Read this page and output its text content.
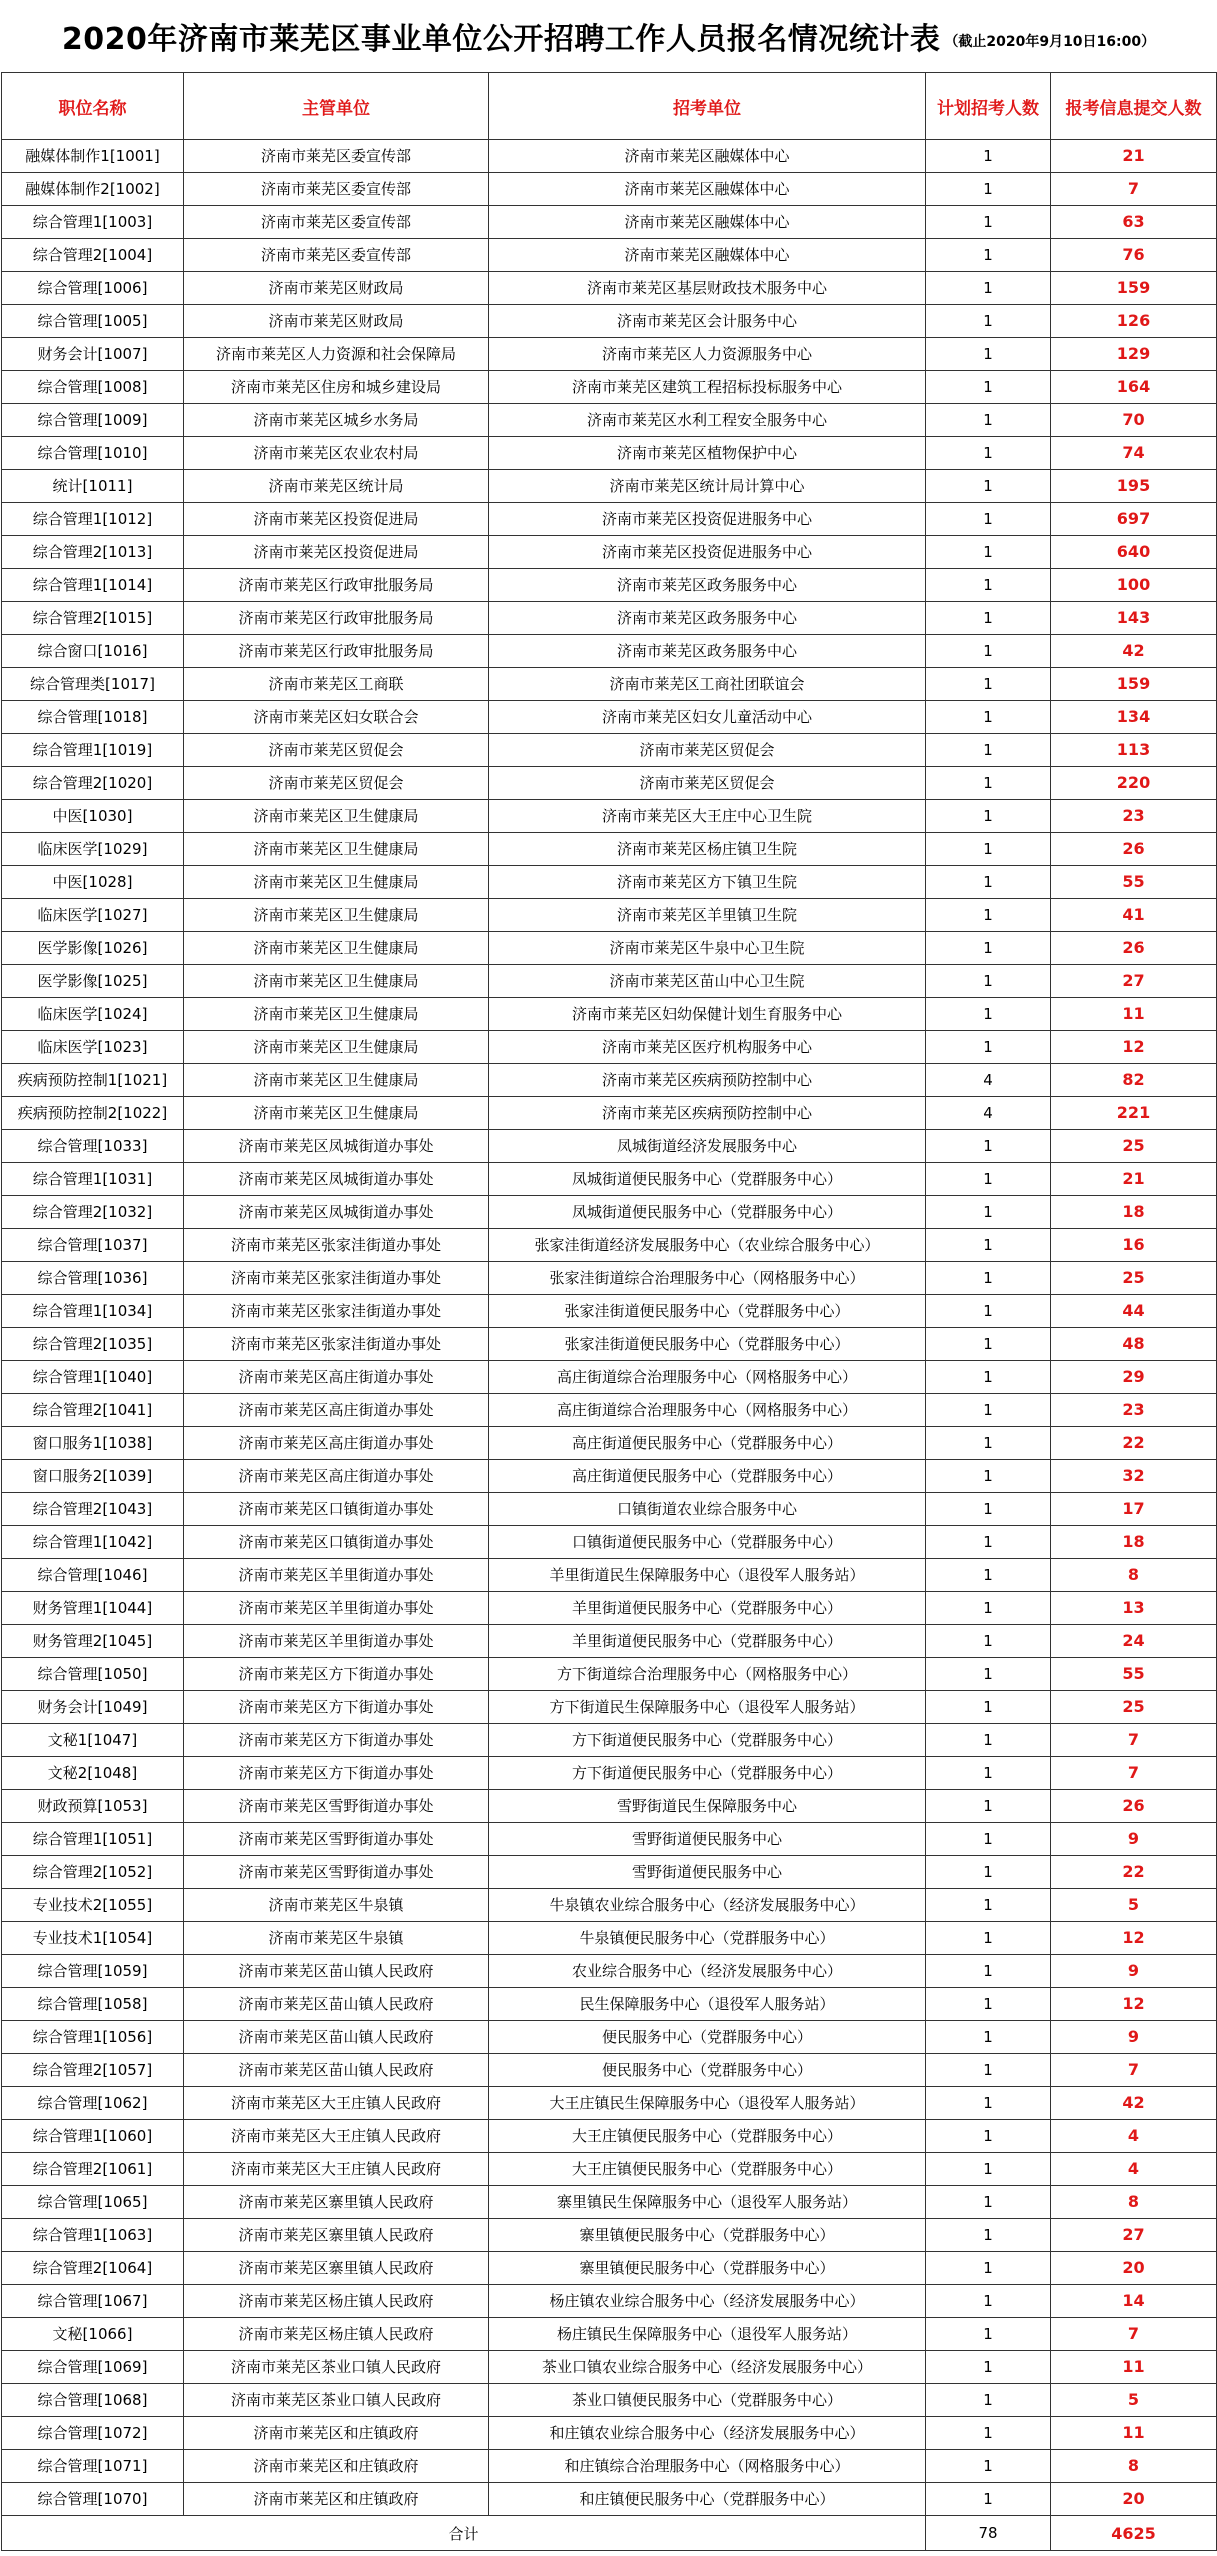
2020年济南市莱芜区事业单位公开招聘工作人员报名情况统计表 （截止2020年9月10日16:00）
职位名称	主管单位	招考单位	计划招考人数	报考信息提交人数
融媒体制作1[1001]	济南市莱芜区委宣传部	济南市莱芜区融媒体中心	1	21
融媒体制作2[1002]	济南市莱芜区委宣传部	济南市莱芜区融媒体中心	1	7
综合管理1[1003]	济南市莱芜区委宣传部	济南市莱芜区融媒体中心	1	63
综合管理2[1004]	济南市莱芜区委宣传部	济南市莱芜区融媒体中心	1	76
综合管理[1006]	济南市莱芜区财政局	济南市莱芜区基层财政技术服务中心	1	159
综合管理[1005]	济南市莱芜区财政局	济南市莱芜区会计服务中心	1	126
财务会计[1007]	济南市莱芜区人力资源和社会保障局	济南市莱芜区人力资源服务中心	1	129
综合管理[1008]	济南市莱芜区住房和城乡建设局	济南市莱芜区建筑工程招标投标服务中心	1	164
综合管理[1009]	济南市莱芜区城乡水务局	济南市莱芜区水利工程安全服务中心	1	70
综合管理[1010]	济南市莱芜区农业农村局	济南市莱芜区植物保护中心	1	74
统计[1011]	济南市莱芜区统计局	济南市莱芜区统计局计算中心	1	195
综合管理1[1012]	济南市莱芜区投资促进局	济南市莱芜区投资促进服务中心	1	697
综合管理2[1013]	济南市莱芜区投资促进局	济南市莱芜区投资促进服务中心	1	640
综合管理1[1014]	济南市莱芜区行政审批服务局	济南市莱芜区政务服务中心	1	100
综合管理2[1015]	济南市莱芜区行政审批服务局	济南市莱芜区政务服务中心	1	143
综合窗口[1016]	济南市莱芜区行政审批服务局	济南市莱芜区政务服务中心	1	42
综合管理类[1017]	济南市莱芜区工商联	济南市莱芜区工商社团联谊会	1	159
综合管理[1018]	济南市莱芜区妇女联合会	济南市莱芜区妇女儿童活动中心	1	134
综合管理1[1019]	济南市莱芜区贸促会	济南市莱芜区贸促会	1	113
综合管理2[1020]	济南市莱芜区贸促会	济南市莱芜区贸促会	1	220
中医[1030]	济南市莱芜区卫生健康局	济南市莱芜区大王庄中心卫生院	1	23
临床医学[1029]	济南市莱芜区卫生健康局	济南市莱芜区杨庄镇卫生院	1	26
中医[1028]	济南市莱芜区卫生健康局	济南市莱芜区方下镇卫生院	1	55
临床医学[1027]	济南市莱芜区卫生健康局	济南市莱芜区羊里镇卫生院	1	41
医学影像[1026]	济南市莱芜区卫生健康局	济南市莱芜区牛泉中心卫生院	1	26
医学影像[1025]	济南市莱芜区卫生健康局	济南市莱芜区苗山中心卫生院	1	27
临床医学[1024]	济南市莱芜区卫生健康局	济南市莱芜区妇幼保健计划生育服务中心	1	11
临床医学[1023]	济南市莱芜区卫生健康局	济南市莱芜区医疗机构服务中心	1	12
疾病预防控制1[1021]	济南市莱芜区卫生健康局	济南市莱芜区疾病预防控制中心	4	82
疾病预防控制2[1022]	济南市莱芜区卫生健康局	济南市莱芜区疾病预防控制中心	4	221
综合管理[1033]	济南市莱芜区凤城街道办事处	凤城街道经济发展服务中心	1	25
综合管理1[1031]	济南市莱芜区凤城街道办事处	凤城街道便民服务中心（党群服务中心）	1	21
综合管理2[1032]	济南市莱芜区凤城街道办事处	凤城街道便民服务中心（党群服务中心）	1	18
综合管理[1037]	济南市莱芜区张家洼街道办事处	张家洼街道经济发展服务中心（农业综合服务中心）	1	16
综合管理[1036]	济南市莱芜区张家洼街道办事处	张家洼街道综合治理服务中心（网格服务中心）	1	25
综合管理1[1034]	济南市莱芜区张家洼街道办事处	张家洼街道便民服务中心（党群服务中心）	1	44
综合管理2[1035]	济南市莱芜区张家洼街道办事处	张家洼街道便民服务中心（党群服务中心）	1	48
综合管理1[1040]	济南市莱芜区高庄街道办事处	高庄街道综合治理服务中心（网格服务中心）	1	29
综合管理2[1041]	济南市莱芜区高庄街道办事处	高庄街道综合治理服务中心（网格服务中心）	1	23
窗口服务1[1038]	济南市莱芜区高庄街道办事处	高庄街道便民服务中心（党群服务中心）	1	22
窗口服务2[1039]	济南市莱芜区高庄街道办事处	高庄街道便民服务中心（党群服务中心）	1	32
综合管理2[1043]	济南市莱芜区口镇街道办事处	口镇街道农业综合服务中心	1	17
综合管理1[1042]	济南市莱芜区口镇街道办事处	口镇街道便民服务中心（党群服务中心）	1	18
综合管理[1046]	济南市莱芜区羊里街道办事处	羊里街道民生保障服务中心（退役军人服务站）	1	8
财务管理1[1044]	济南市莱芜区羊里街道办事处	羊里街道便民服务中心（党群服务中心）	1	13
财务管理2[1045]	济南市莱芜区羊里街道办事处	羊里街道便民服务中心（党群服务中心）	1	24
综合管理[1050]	济南市莱芜区方下街道办事处	方下街道综合治理服务中心（网格服务中心）	1	55
财务会计[1049]	济南市莱芜区方下街道办事处	方下街道民生保障服务中心（退役军人服务站）	1	25
文秘1[1047]	济南市莱芜区方下街道办事处	方下街道便民服务中心（党群服务中心）	1	7
文秘2[1048]	济南市莱芜区方下街道办事处	方下街道便民服务中心（党群服务中心）	1	7
财政预算[1053]	济南市莱芜区雪野街道办事处	雪野街道民生保障服务中心	1	26
综合管理1[1051]	济南市莱芜区雪野街道办事处	雪野街道便民服务中心	1	9
综合管理2[1052]	济南市莱芜区雪野街道办事处	雪野街道便民服务中心	1	22
专业技术2[1055]	济南市莱芜区牛泉镇	牛泉镇农业综合服务中心（经济发展服务中心）	1	5
专业技术1[1054]	济南市莱芜区牛泉镇	牛泉镇便民服务中心（党群服务中心）	1	12
综合管理[1059]	济南市莱芜区苗山镇人民政府	农业综合服务中心（经济发展服务中心）	1	9
综合管理[1058]	济南市莱芜区苗山镇人民政府	民生保障服务中心（退役军人服务站）	1	12
综合管理1[1056]	济南市莱芜区苗山镇人民政府	便民服务中心（党群服务中心）	1	9
综合管理2[1057]	济南市莱芜区苗山镇人民政府	便民服务中心（党群服务中心）	1	7
综合管理[1062]	济南市莱芜区大王庄镇人民政府	大王庄镇民生保障服务中心（退役军人服务站）	1	42
综合管理1[1060]	济南市莱芜区大王庄镇人民政府	大王庄镇便民服务中心（党群服务中心）	1	4
综合管理2[1061]	济南市莱芜区大王庄镇人民政府	大王庄镇便民服务中心（党群服务中心）	1	4
综合管理[1065]	济南市莱芜区寨里镇人民政府	寨里镇民生保障服务中心（退役军人服务站）	1	8
综合管理1[1063]	济南市莱芜区寨里镇人民政府	寨里镇便民服务中心（党群服务中心）	1	27
综合管理2[1064]	济南市莱芜区寨里镇人民政府	寨里镇便民服务中心（党群服务中心）	1	20
综合管理[1067]	济南市莱芜区杨庄镇人民政府	杨庄镇农业综合服务中心（经济发展服务中心）	1	14
文秘[1066]	济南市莱芜区杨庄镇人民政府	杨庄镇民生保障服务中心（退役军人服务站）	1	7
综合管理[1069]	济南市莱芜区茶业口镇人民政府	茶业口镇农业综合服务中心（经济发展服务中心）	1	11
综合管理[1068]	济南市莱芜区茶业口镇人民政府	茶业口镇便民服务中心（党群服务中心）	1	5
综合管理[1072]	济南市莱芜区和庄镇政府	和庄镇农业综合服务中心（经济发展服务中心）	1	11
综合管理[1071]	济南市莱芜区和庄镇政府	和庄镇综合治理服务中心（网格服务中心）	1	8
综合管理[1070]	济南市莱芜区和庄镇政府	和庄镇便民服务中心（党群服务中心）	1	20
合计			78	4625
